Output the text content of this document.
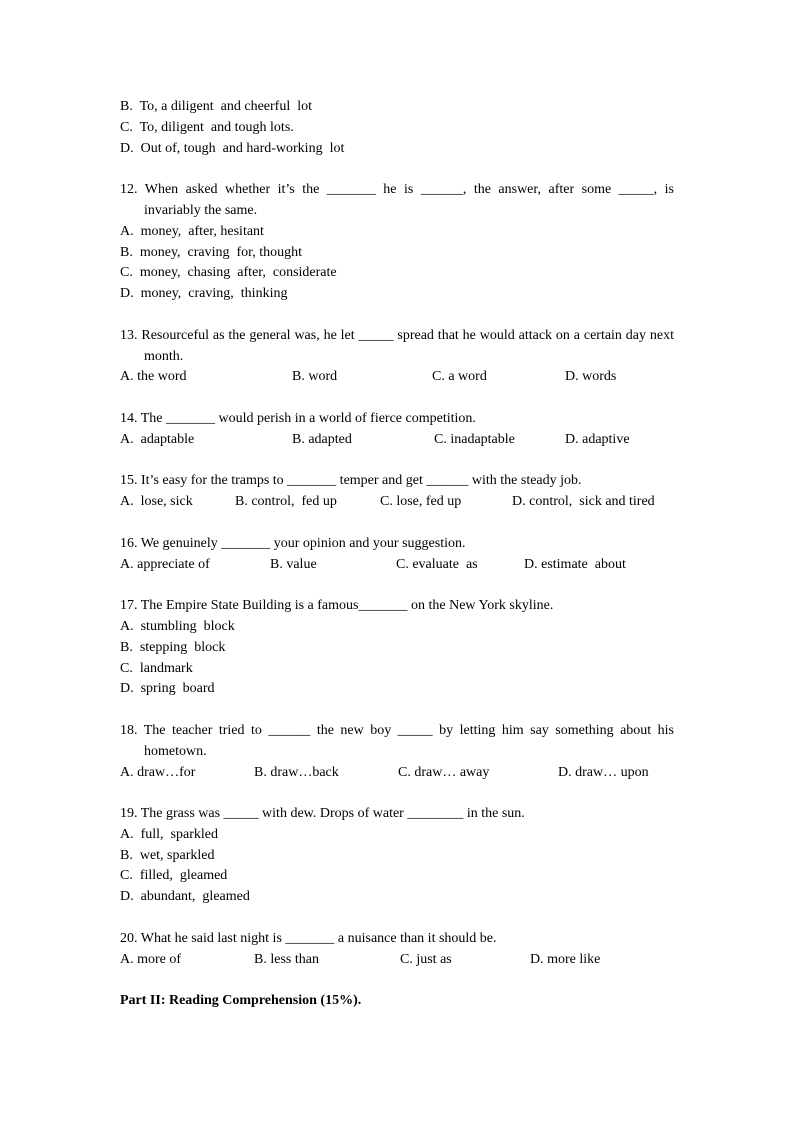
B.  To, a diligent  and cheerful  lot
C.  To, diligent  and tough lots.
D.  Out of, tough  and hard-working  lot
12. When asked whether it’s the _______ he is ______, the answer, after some _____, is invariably the same.
A.  money,  after, hesitant
B.  money,  craving  for, thought
C.  money,  chasing  after,  considerate
D.  money,  craving,  thinking
13. Resourceful as the general was, he let _____ spread that he would attack on a certain day next month.

A. the word

	B. word

	C. a word

	D. words

14. The _______ would perish in a world of fierce competition.

A.  adaptable

	B. adapted

	C. inadaptable

	D. adaptive

15. It’s easy for the tramps to _______ temper and get ______ with the steady job.

A.  lose, sick

	B. control,  fed up

	C. lose, fed up

	D. control,  sick and tired

16. We genuinely _______ your opinion and your suggestion.

A. appreciate of

	B. value

	C. evaluate  as

	D. estimate  about

17. The Empire State Building is a famous_______ on the New York skyline.
A.  stumbling  block
B.  stepping  block
C.  landmark
D.  spring  board
18. The teacher tried to ______ the new boy _____ by letting him say something about his hometown.

A. draw…for

	B. draw…back

	C. draw… away

	D. draw… upon

19. The grass was _____ with dew. Drops of water ________ in the sun.
A.  full,  sparkled
B.  wet, sparkled
C.  filled,  gleamed
D.  abundant,  gleamed
20. What he said last night is _______ a nuisance than it should be.

A. more of

	B. less than

	C. just as

	D. more like

Part II: Reading Comprehension (15%).
